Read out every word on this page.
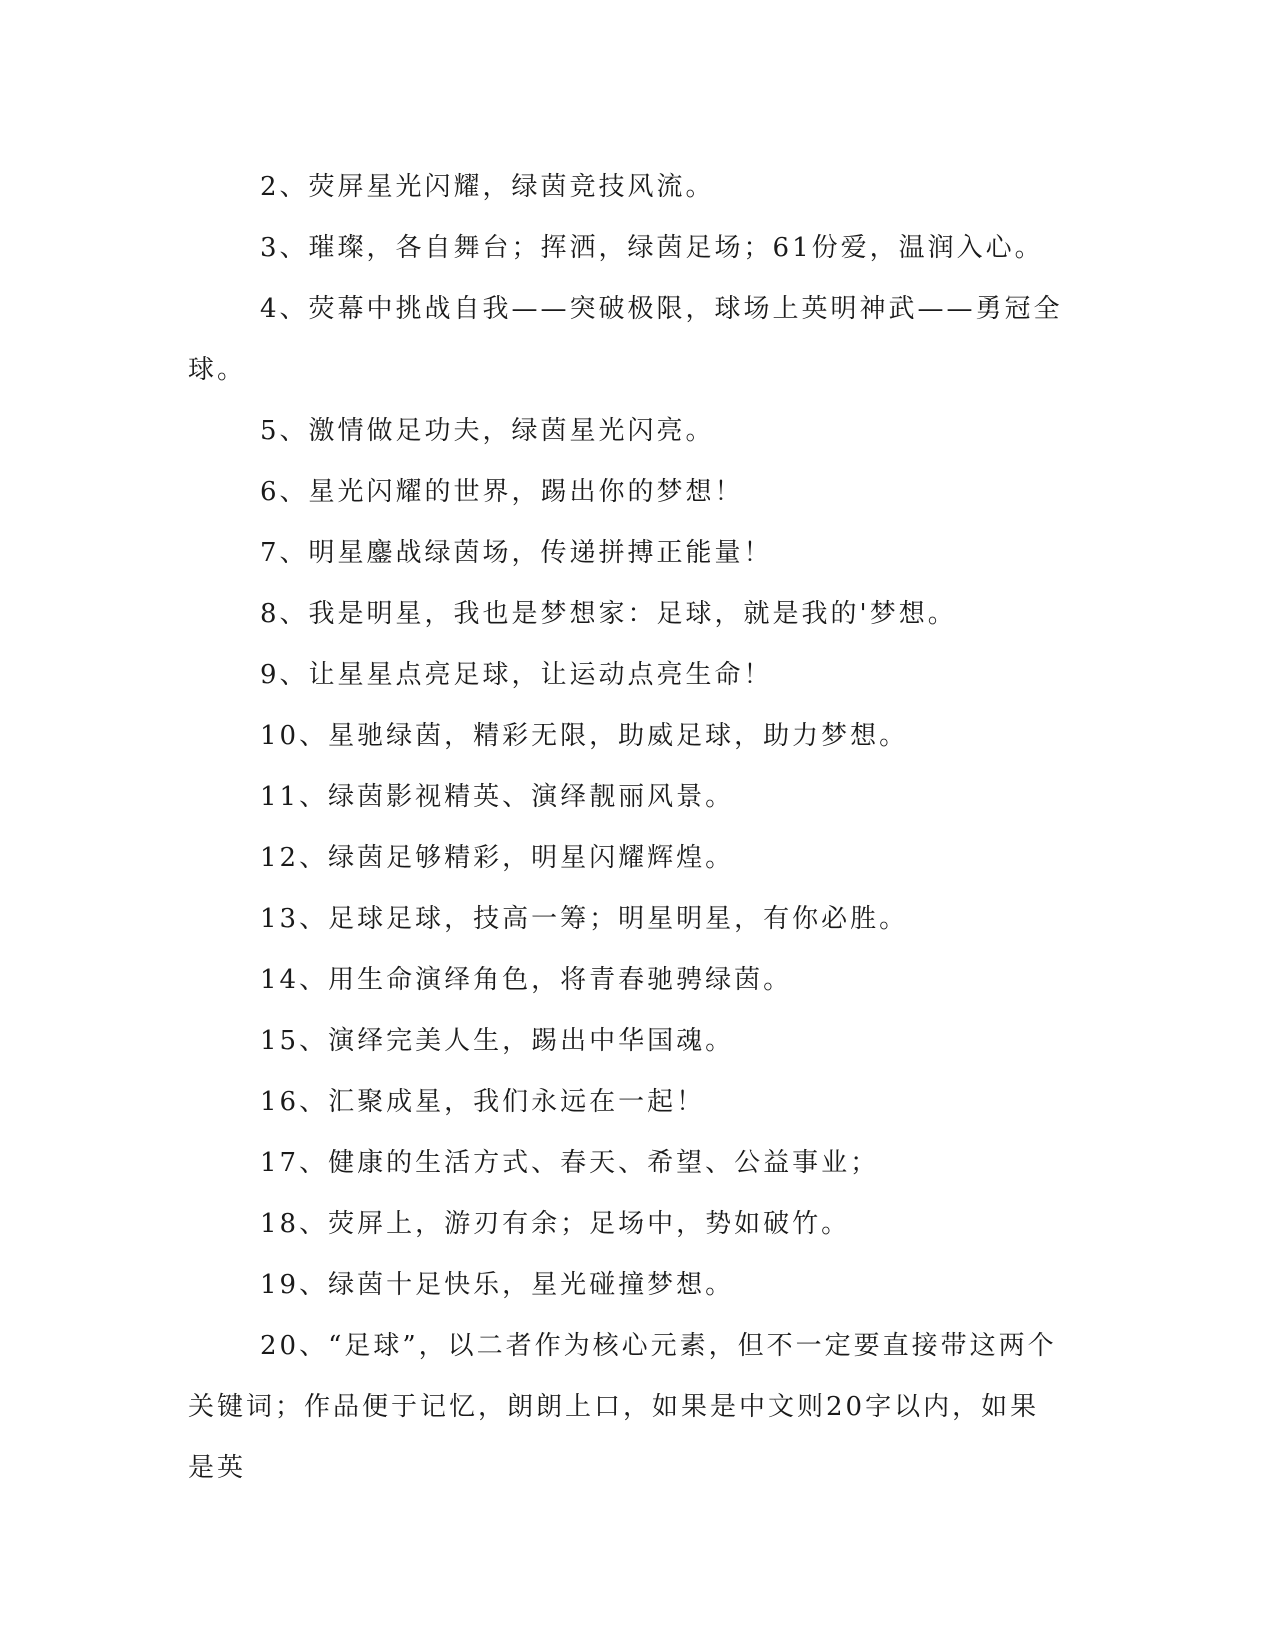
2、荧屏星光闪耀，绿茵竞技风流。

3、璀璨，各自舞台；挥洒，绿茵足场；61份爱，温润入心。

4、荧幕中挑战自我——突破极限，球场上英明神武——勇冠全球。

5、激情做足功夫，绿茵星光闪亮。

6、星光闪耀的世界，踢出你的梦想！

7、明星鏖战绿茵场，传递拼搏正能量！

8、我是明星，我也是梦想家：足球，就是我的'梦想。

9、让星星点亮足球，让运动点亮生命！

10、星驰绿茵，精彩无限，助威足球，助力梦想。

11、绿茵影视精英、演绎靓丽风景。

12、绿茵足够精彩，明星闪耀辉煌。

13、足球足球，技高一筹；明星明星，有你必胜。

14、用生命演绎角色，将青春驰骋绿茵。

15、演绎完美人生，踢出中华国魂。

16、汇聚成星，我们永远在一起！

17、健康的生活方式、春天、希望、公益事业；

18、荧屏上，游刃有余；足场中，势如破竹。

19、绿茵十足快乐，星光碰撞梦想。

20、“足球”，以二者作为核心元素，但不一定要直接带这两个关键词；作品便于记忆，朗朗上口，如果是中文则20字以内，如果是英
